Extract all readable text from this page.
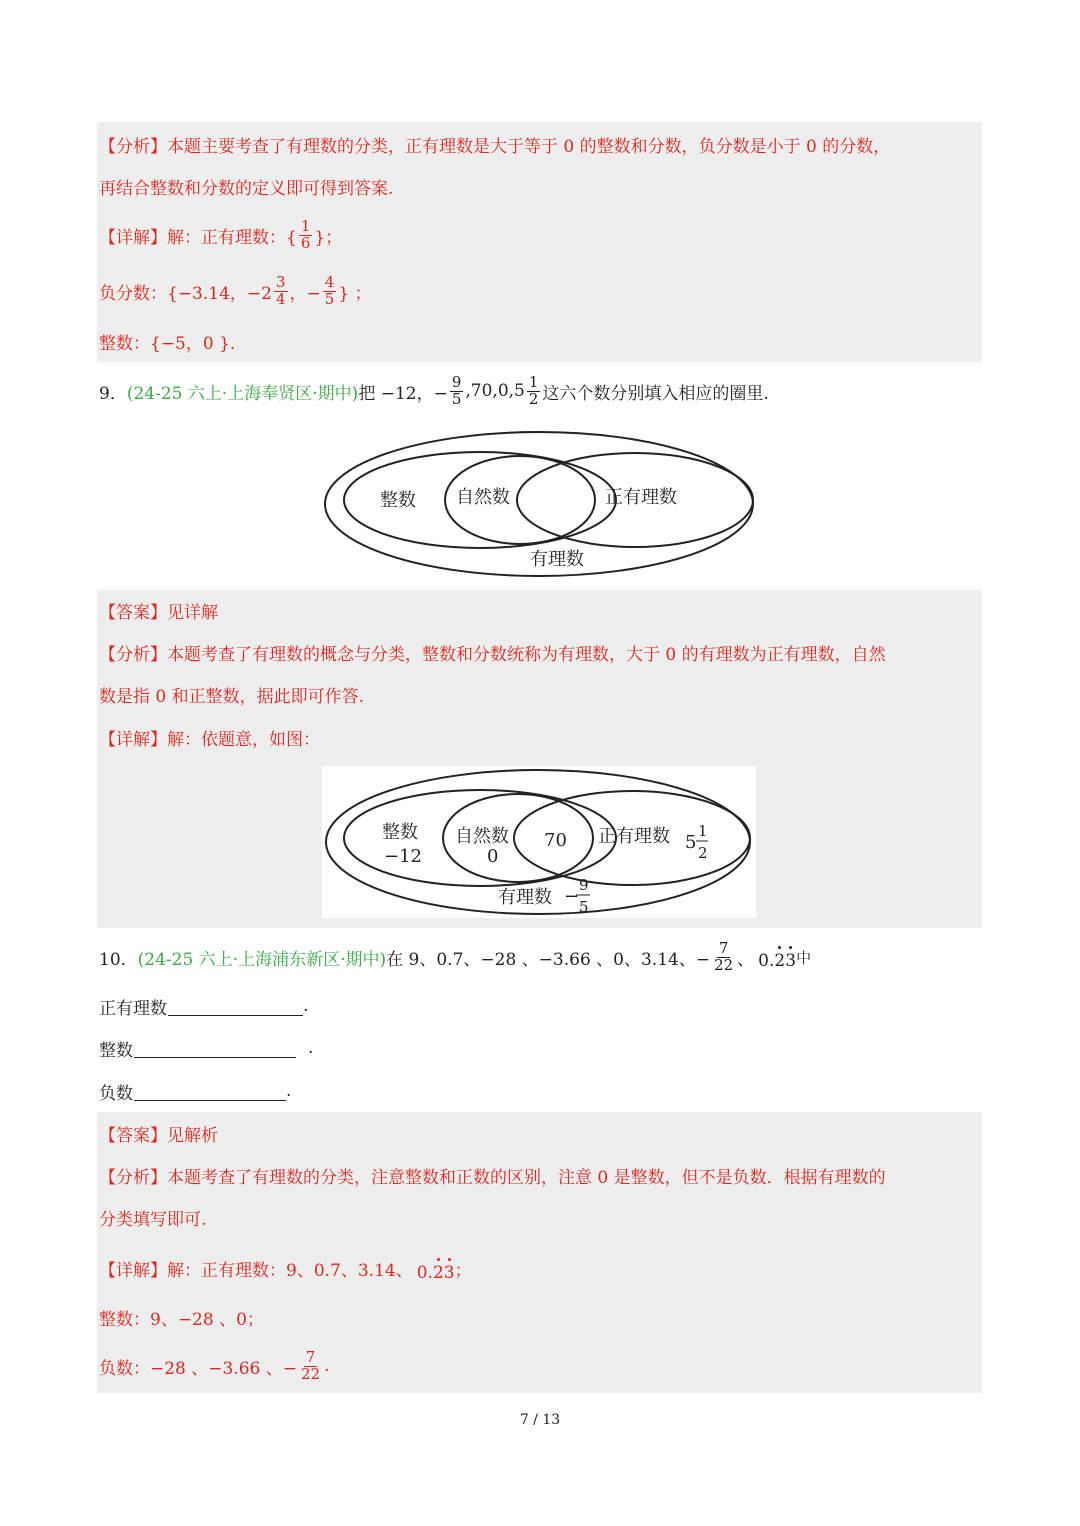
【分析】 本题主要考查了有理数的分类，正有理数是大于等于 0 的整数和分数，负分数是小于 0 的分数，
再结合整数和分数的定义即可得到答案.
【详解】 解：正有理数：{ $\frac{1}{6}$ }；
负分数：{−3.14，$-2 \frac{3}{4}$ ，− $\frac{4}{5}$ } ；
整数：{−5，0 }.
9． (24-25 六上·上海奉贤区·期中) 把 −12，− $\frac{9}{5} ,70,0,5 \frac{1}{2}$ 这六个数分别填入相应的圈里.
整数 自然数	正有理数
有理数
【答案】 见详解
【分析】 本题考查了有理数的概念与分类，整数和分数统称为有理数，大于 0 的有理数为正有理数，自然
数是指 0 和正整数，据此即可作答.
【详解】 解：依题意，如图：
整数
−12
自然数
0
70 正有理数 5
1
2
有理数 −
9
5
10． (24-25 六上·上海浦东新区·期中) 在 9、0.7、−28 、−3.66 、0、3.14、− $\frac{7}{22}$ 、 0. 2 3 中
正有理数	.
整数	.
负数	.
【答案】 见解析
【分析】 本题考查了有理数的分类，注意整数和正数的区别，注意 0 是整数，但不是负数．根据有理数的
分类填写即可.
【详解】 解：正有理数：9、0.7、3.14、 0. 2 3 ；
整数：9、−28 、0；
负数：−28 、−3.66 、− $\frac{7}{22}$ .
7 / 13
